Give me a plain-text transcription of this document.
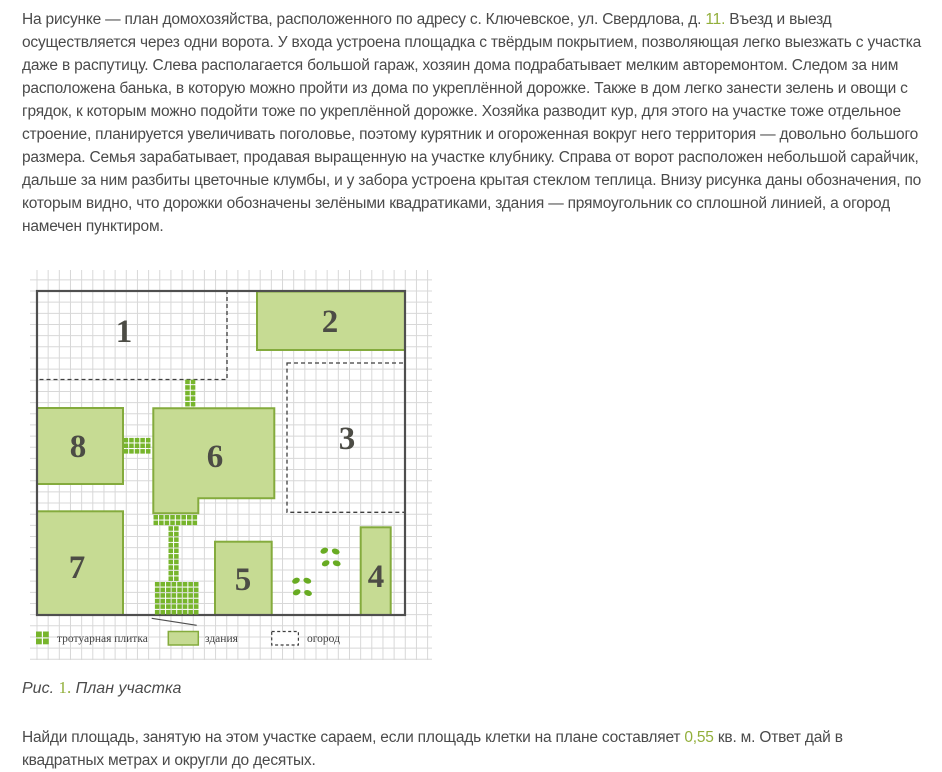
На рисунке — план домохозяйства, расположенного по адресу с. Ключевское, ул. Свердлова, д. 11. Въезд и выезд осуществляется через одни ворота. У входа устроена площадка с твёрдым покрытием, позволяющая легко выезжать с участка даже в распутицу. Слева располагается большой гараж, хозяин дома подрабатывает мелким авторемонтом. Следом за ним расположена банька, в которую можно пройти из дома по укреплённой дорожке. Также в дом легко занести зелень и овощи с грядок, к которым можно подойти тоже по укреплённой дорожке. Хозяйка разводит кур, для этого на участке тоже отдельное строение, планируется увеличивать поголовье, поэтому курятник и огороженная вокруг него территория — довольно большого размера. Семья зарабатывает, продавая выращенную на участке клубнику. Справа от ворот расположен небольшой сарайчик, дальше за ним разбиты цветочные клумбы, и у забора устроена крытая стеклом теплица. Внизу рисунка даны обозначения, по которым видно, что дорожки обозначены зелёными квадратиками, здания — прямоугольник со сплошной линией, а огород намечен пунктиром.

1
3
2
8	6
7	5	4
тротуарная плитка	здания	огород

Рис. 1. План участка

Найди площадь, занятую на этом участке сараем, если площадь клетки на плане составляет 0,55 кв. м. Ответ дай в квадратных метрах и округли до десятых.
